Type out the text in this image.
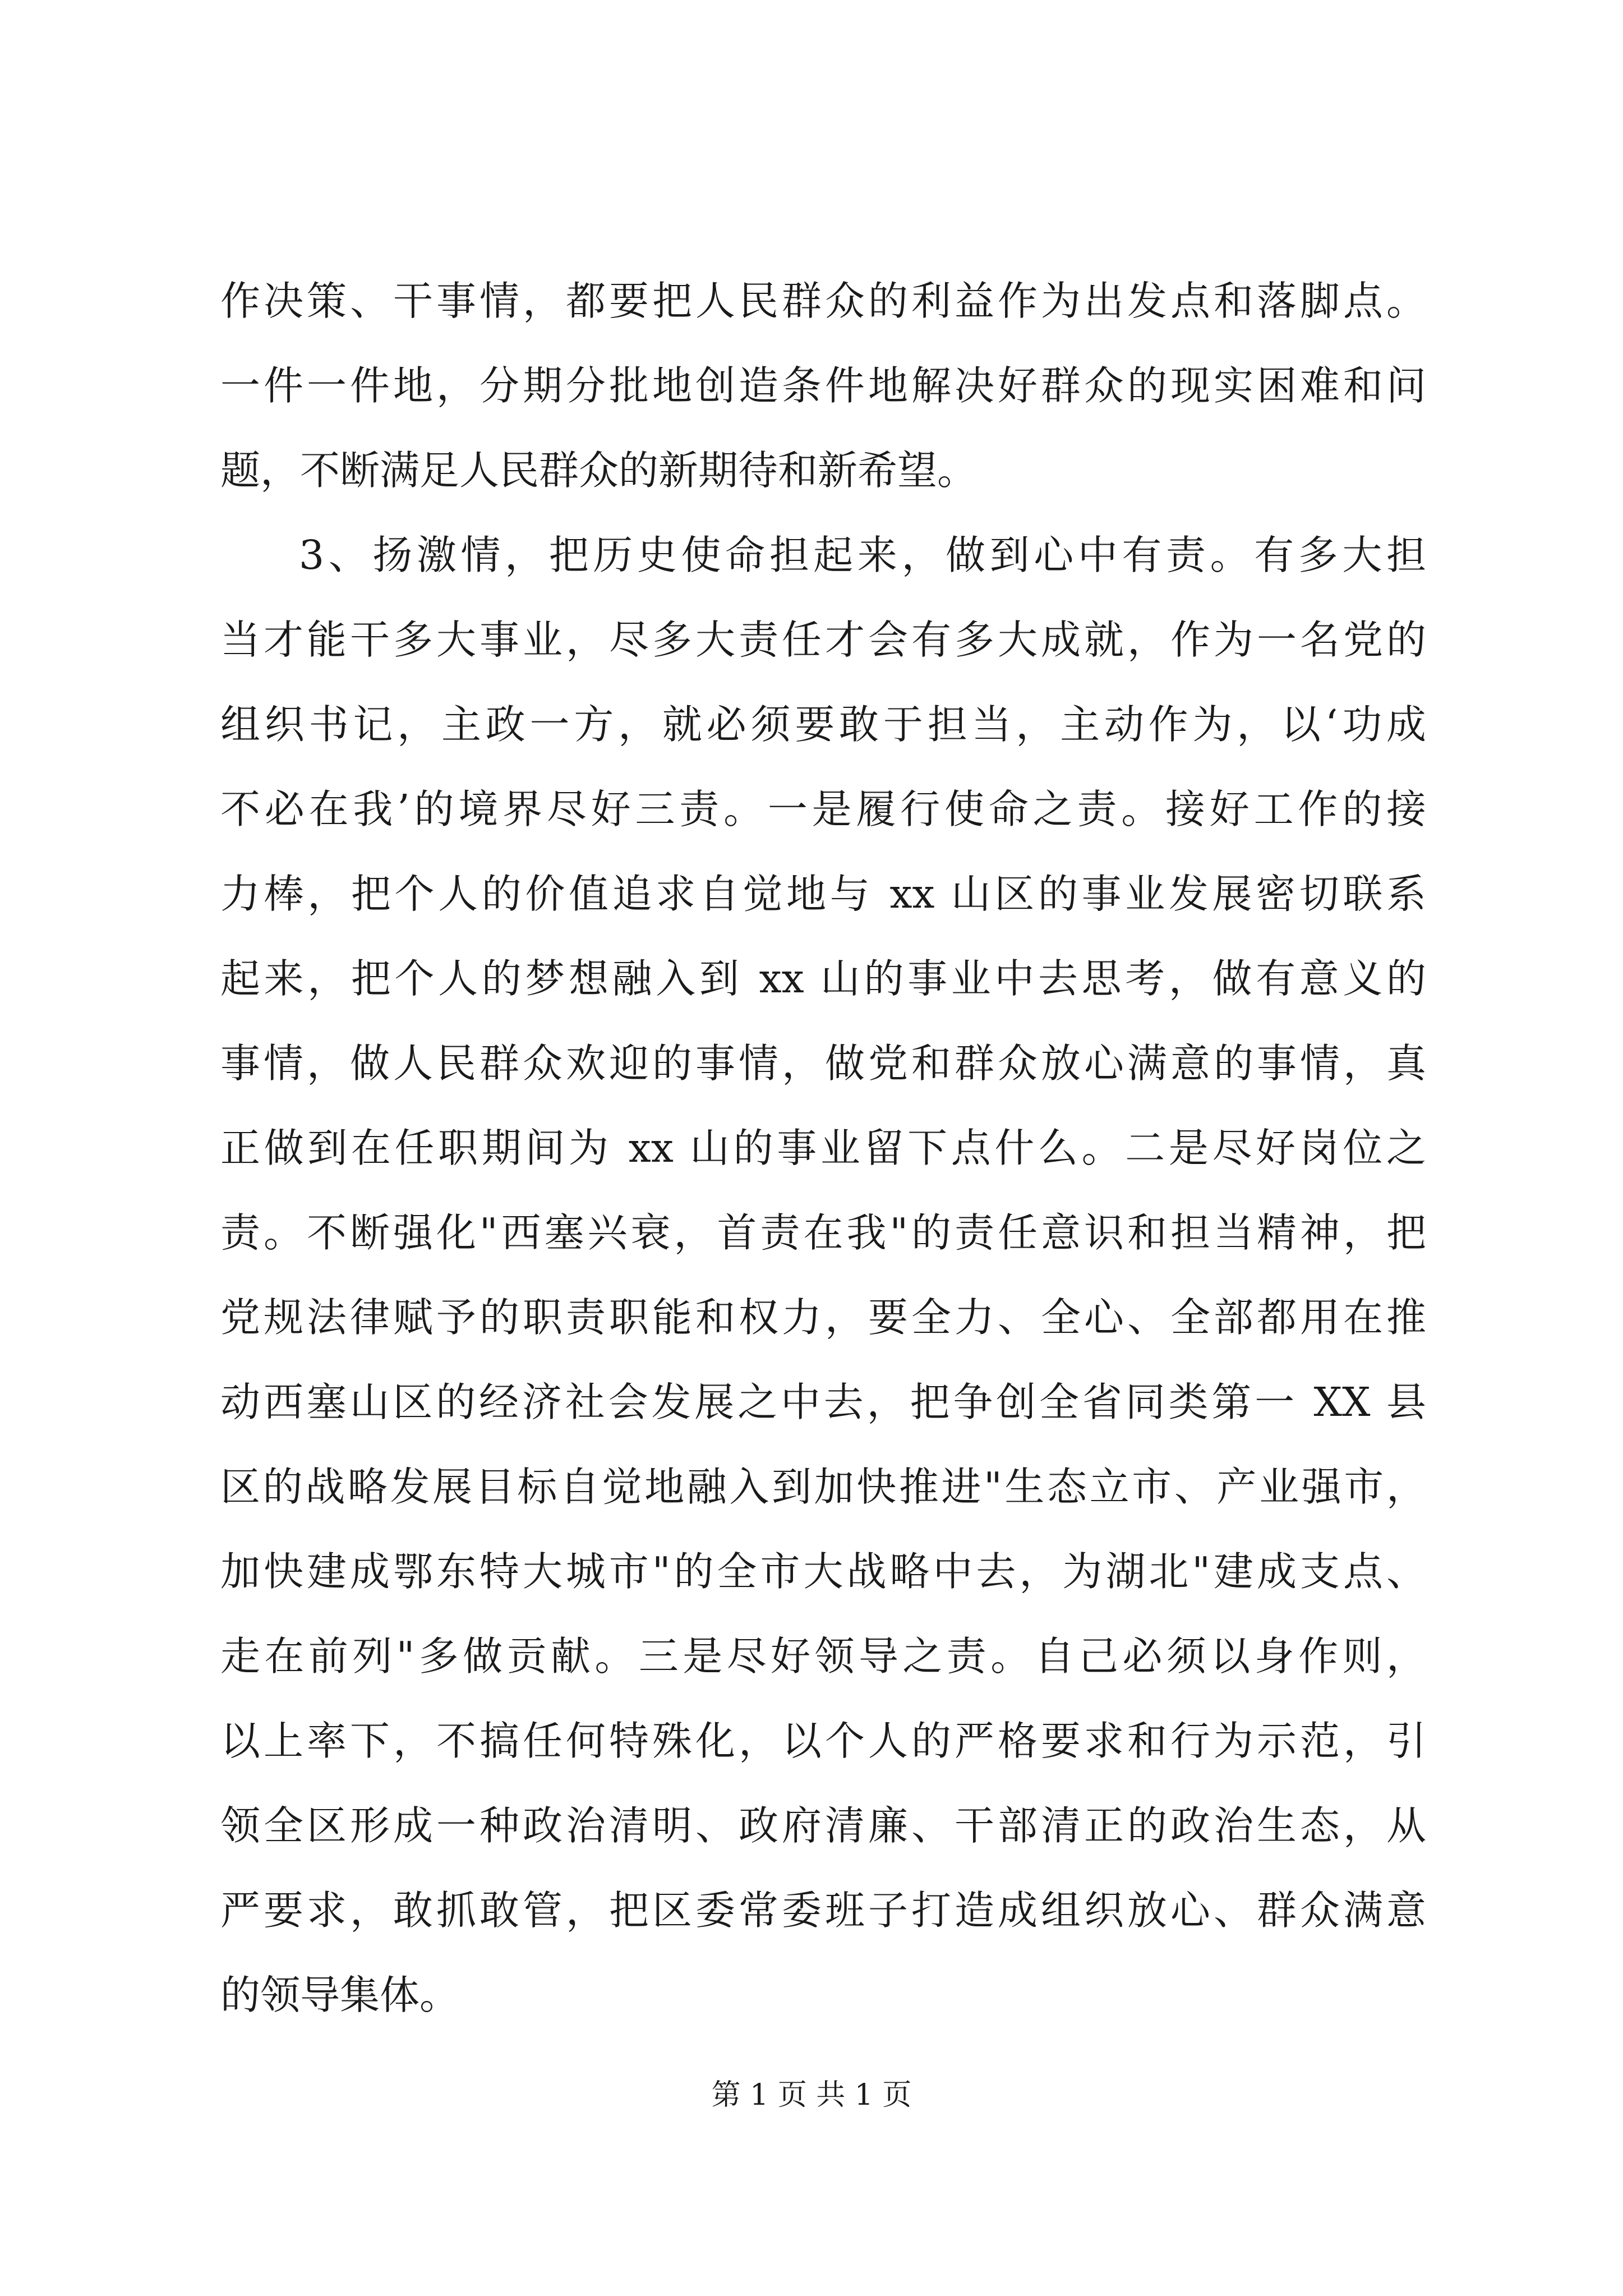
作决策、干事情，都要把人民群众的利益作为出发点和落脚点。
一件一件地，分期分批地创造条件地解决好群众的现实困难和问
题，不断满足人民群众的新期待和新希望。
3、扬激情，把历史使命担起来，做到心中有责。有多大担
当才能干多大事业，尽多大责任才会有多大成就，作为一名党的
组织书记，主政一方，就必须要敢于担当，主动作为，以‘功成
不必在我’的境界尽好三责。一是履行使命之责。接好工作的接
力棒，把个人的价值追求自觉地与 xx 山区的事业发展密切联系
起来，把个人的梦想融入到 xx 山的事业中去思考，做有意义的
事情，做人民群众欢迎的事情，做党和群众放心满意的事情，真
正做到在任职期间为 xx 山的事业留下点什么。二是尽好岗位之
责。不断强化"西塞兴衰，首责在我"的责任意识和担当精神，把
党规法律赋予的职责职能和权力，要全力、全心、全部都用在推
动西塞山区的经济社会发展之中去，把争创全省同类第一 XX 县
区的战略发展目标自觉地融入到加快推进"生态立市、产业强市，
加快建成鄂东特大城市"的全市大战略中去，为湖北"建成支点、
走在前列"多做贡献。三是尽好领导之责。自己必须以身作则，
以上率下，不搞任何特殊化，以个人的严格要求和行为示范，引
领全区形成一种政治清明、政府清廉、干部清正的政治生态，从
严要求，敢抓敢管，把区委常委班子打造成组织放心、群众满意
的领导集体。
第 1 页 共 1 页
